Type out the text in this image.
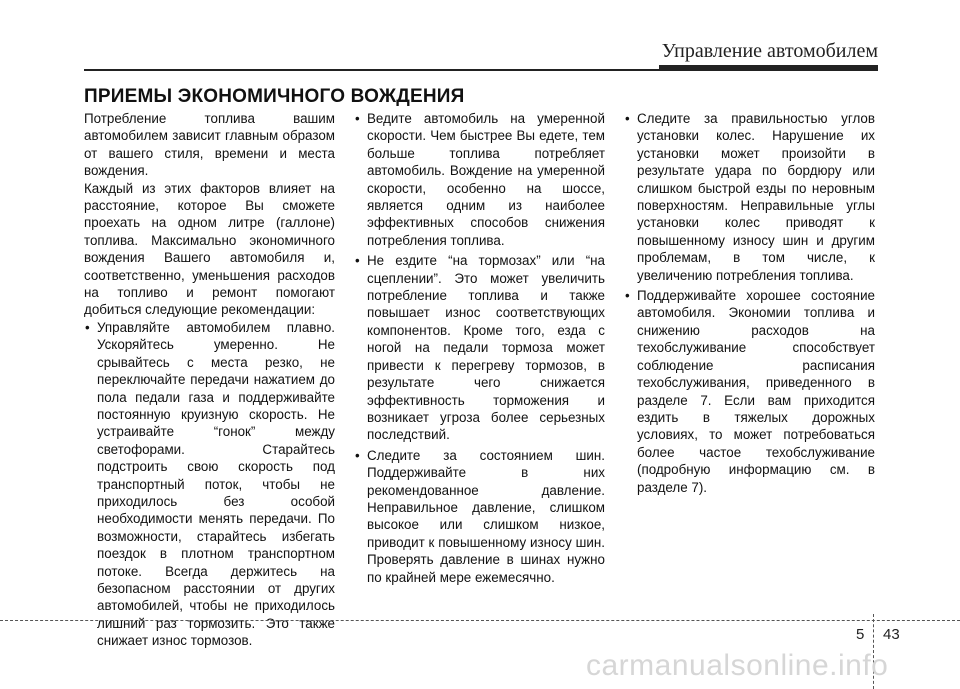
Управление автомобилем
ПРИЕМЫ ЭКОНОМИЧНОГО ВОЖДЕНИЯ

Потребление топлива вашим автомобилем зависит главным образом от вашего стиля, времени и места вождения.

Каждый из этих факторов влияет на расстояние, которое Вы сможете проехать на одном литре (галлоне) топлива. Максимально экономичного вождения Вашего автомобиля и, соответственно, уменьшения расходов на топливо и ремонт помогают добиться следующие рекомендации:

• Управляйте автомобилем плавно. Ускоряйтесь умеренно. Не срывайтесь с места резко, не переключайте передачи нажатием до пола педали газа и поддерживайте постоянную круизную скорость. Не устраивайте “гонок” между светофорами. Старайтесь подстроить свою скорость под транспортный поток, чтобы не приходилось без особой необходимости менять передачи. По возможности, старайтесь избегать поездок в плотном транспортном потоке. Всегда держитесь на безопасном расстоянии от других автомобилей, чтобы не приходилось лишний раз тормозить. Это также снижает износ тормозов.
• Ведите автомобиль на умеренной скорости. Чем быстрее Вы едете, тем больше топлива потребляет автомобиль. Вождение на умеренной скорости, особенно на шоссе, является одним из наиболее эффективных способов снижения потребления топлива.
• Не ездите “на тормозах” или “на сцеплении”. Это может увеличить потребление топлива и также повышает износ соответствующих компонентов. Кроме того, езда с ногой на педали тормоза может привести к перегреву тормозов, в результате чего снижается эффективность торможения и возникает угроза более серьезных последствий.
• Следите за состоянием шин. Поддерживайте в них рекомендованное давление. Неправильное давление, слишком высокое или слишком низкое, приводит к повышенному износу шин. Проверять давление в шинах нужно по крайней мере ежемесячно.
• Следите за правильностью углов установки колес. Нарушение их установки может произойти в результате удара по бордюру или слишком быстрой езды по неровным поверхностям. Неправильные углы установки колес приводят к повышенному износу шин и другим проблемам, в том числе, к увеличению потребления топлива.
• Поддерживайте хорошее состояние автомобиля. Экономии топлива и снижению расходов на техобслуживание способствует соблюдение расписания техобслуживания, приведенного в разделе 7. Если вам приходится ездить в тяжелых дорожных условиях, то может потребоваться более частое техобслуживание (подробную информацию см. в разделе 7).
5 43
carmanualsonline.info
